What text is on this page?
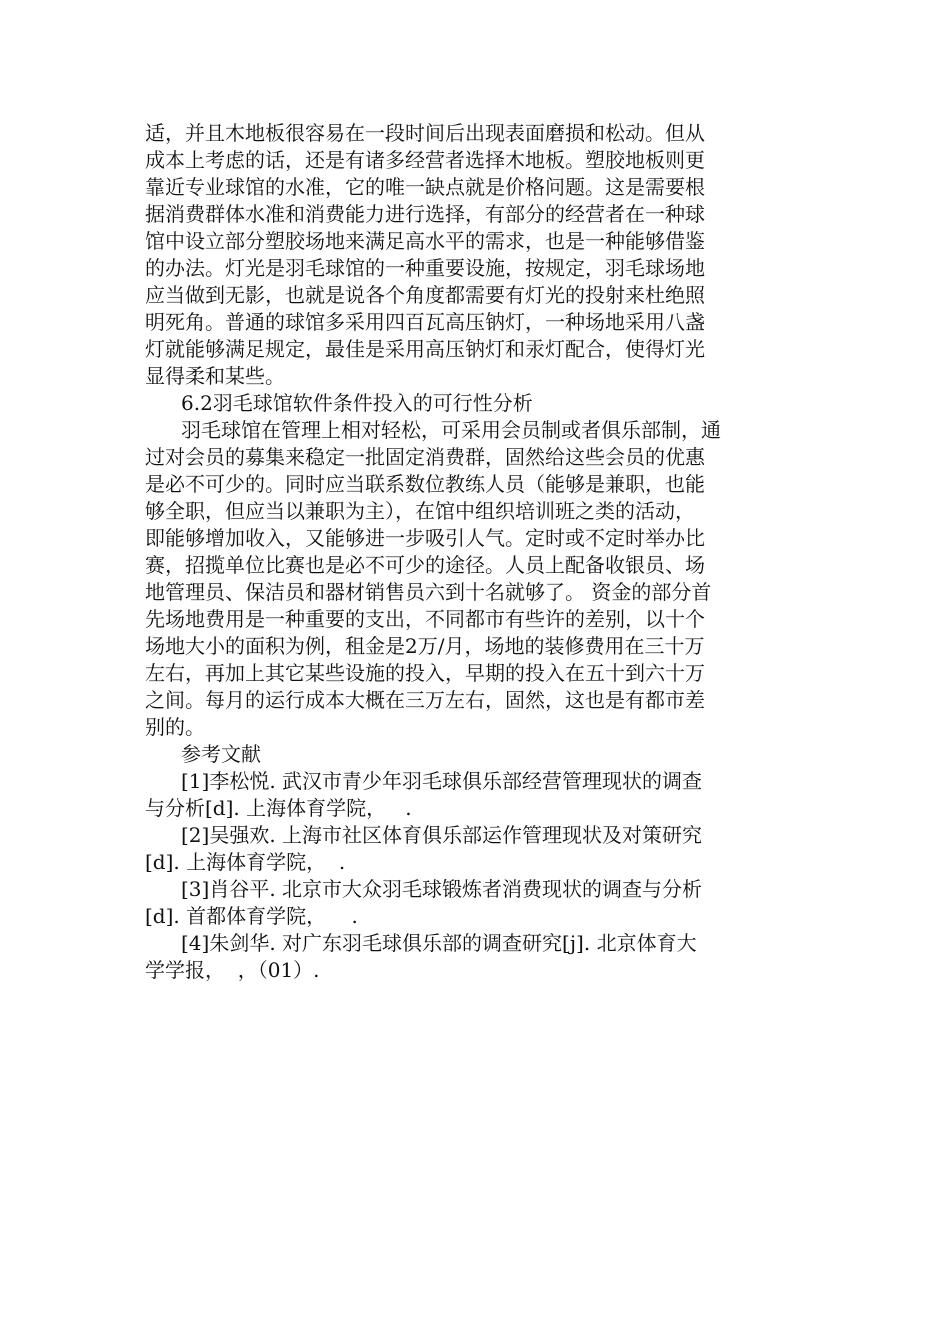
适，并且木地板很容易在一段时间后出现表面磨损和松动。但从
成本上考虑的话，还是有诸多经营者选择木地板。塑胶地板则更
靠近专业球馆的水准，它的唯一缺点就是价格问题。这是需要根
据消费群体水准和消费能力进行选择，有部分的经营者在一种球
馆中设立部分塑胶场地来满足高水平的需求，也是一种能够借鉴
的办法。灯光是羽毛球馆的一种重要设施，按规定，羽毛球场地
应当做到无影，也就是说各个角度都需要有灯光的投射来杜绝照
明死角。普通的球馆多采用四百瓦高压钠灯，一种场地采用八盏
灯就能够满足规定，最佳是采用高压钠灯和汞灯配合，使得灯光
显得柔和某些。
6.2羽毛球馆软件条件投入的可行性分析
羽毛球馆在管理上相对轻松，可采用会员制或者俱乐部制，通
过对会员的募集来稳定一批固定消费群，固然给这些会员的优惠
是必不可少的。同时应当联系数位教练人员（能够是兼职，也能
够全职，但应当以兼职为主），在馆中组织培训班之类的活动，
即能够增加收入，又能够进一步吸引人气。定时或不定时举办比
赛，招揽单位比赛也是必不可少的途径。人员上配备收银员、场
地管理员、保洁员和器材销售员六到十名就够了。 资金的部分首
先场地费用是一种重要的支出，不同都市有些许的差别，以十个
场地大小的面积为例，租金是2万/月，场地的装修费用在三十万
左右，再加上其它某些设施的投入，早期的投入在五十到六十万
之间。每月的运行成本大概在三万左右，固然，这也是有都市差
别的。
参考文献
[1]李松悦. 武汉市青少年羽毛球俱乐部经营管理现状的调查
与分析[d]. 上海体育学院，   .
[2]吴强欢. 上海市社区体育俱乐部运作管理现状及对策研究
[d]. 上海体育学院，  .
[3]肖谷平. 北京市大众羽毛球锻炼者消费现状的调查与分析
[d]. 首都体育学院，    .
[4]朱剑华. 对广东羽毛球俱乐部的调查研究[j]. 北京体育大
学学报，  ，（01）.
